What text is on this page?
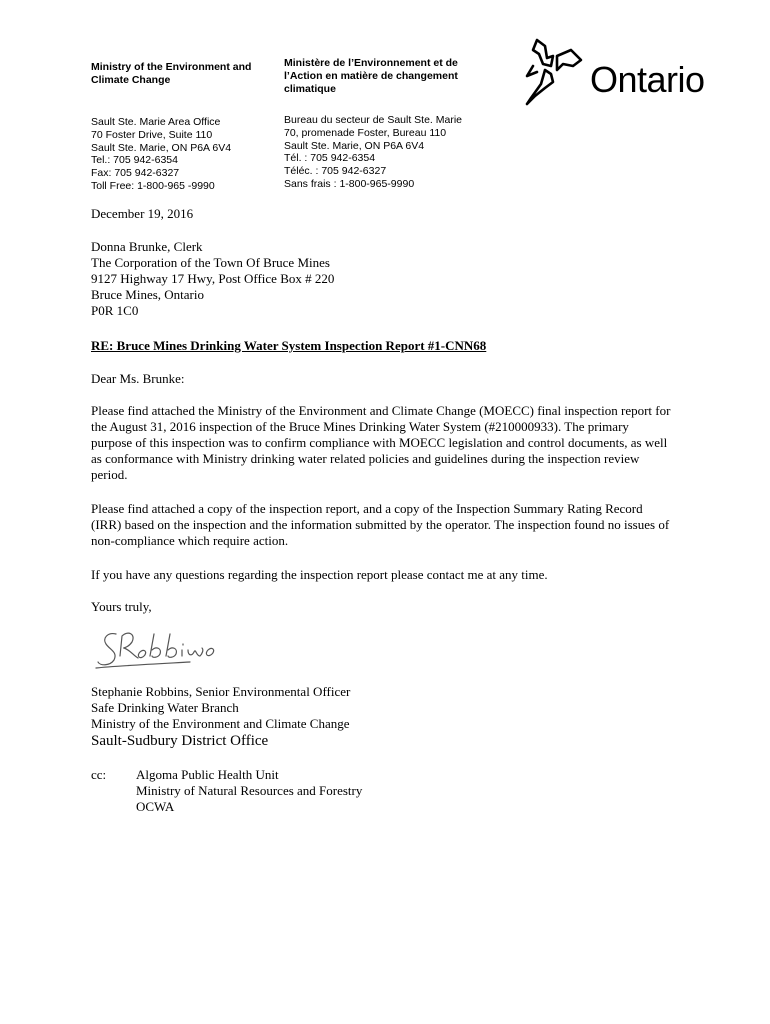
Ministry of the Environment and Climate Change
Ministère de l’Environnement et de l’Action en matière de changement climatique
Sault Ste. Marie Area Office
70 Foster Drive, Suite 110
Sault Ste. Marie, ON P6A 6V4
Tel.: 705 942-6354
Fax: 705 942-6327
Toll Free: 1-800-965 -9990
Bureau du secteur de Sault Ste. Marie
70, promenade Foster, Bureau 110
Sault Ste. Marie, ON P6A 6V4
Tél. : 705 942-6354
Téléc. : 705 942-6327
Sans frais : 1-800-965-9990
Ontario
December 19, 2016
Donna Brunke, Clerk
The Corporation of the Town Of Bruce Mines
9127 Highway 17 Hwy, Post Office Box # 220
Bruce Mines, Ontario
P0R 1C0
RE: Bruce Mines Drinking Water System Inspection Report #1-CNN68
Dear Ms. Brunke:
Please find attached the Ministry of the Environment and Climate Change (MOECC) final inspection report for the August 31, 2016 inspection of the Bruce Mines Drinking Water System (#210000933). The primary purpose of this inspection was to confirm compliance with MOECC legislation and control documents, as well as conformance with Ministry drinking water related policies and guidelines during the inspection review period.
Please find attached a copy of the inspection report, and a copy of the Inspection Summary Rating Record (IRR) based on the inspection and the information submitted by the operator. The inspection found no issues of non-compliance which require action.
If you have any questions regarding the inspection report please contact me at any time.
Yours truly,
Stephanie Robbins, Senior Environmental Officer
Safe Drinking Water Branch
Ministry of the Environment and Climate Change
Sault-Sudbury District Office
cc: Algoma Public Health Unit
Ministry of Natural Resources and Forestry
OCWA
